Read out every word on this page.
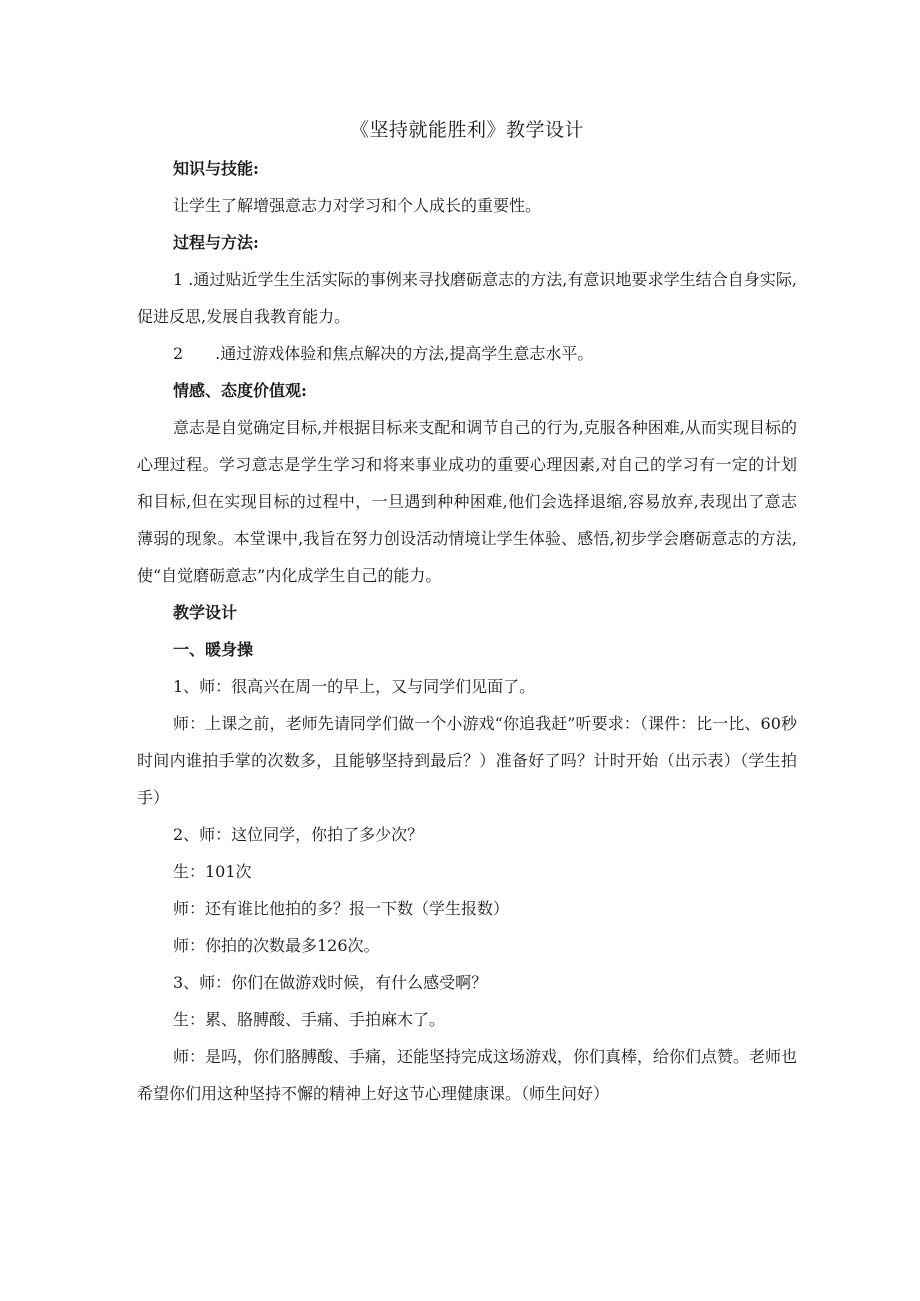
《坚持就能胜利》教学设计

知识与技能:

让学生了解增强意志力对学习和个人成长的重要性。

过程与方法:

1 .通过贴近学生生活实际的事例来寻找磨砺意志的方法,有意识地要求学生结合自身实际,促进反思,发展自我教育能力。

2　　.通过游戏体验和焦点解决的方法,提高学生意志水平。

情感、态度价值观:

意志是自觉确定目标,并根据目标来支配和调节自己的行为,克服各种困难,从而实现目标的心理过程。学习意志是学生学习和将来事业成功的重要心理因素,对自己的学习有一定的计划和目标,但在实现目标的过程中，一旦遇到种种困难,他们会选择退缩,容易放弃,表现出了意志薄弱的现象。本堂课中,我旨在努力创设活动情境让学生体验、感悟,初步学会磨砺意志的方法,使“自觉磨砺意志”内化成学生自己的能力。

教学设计

一、暖身操

1、师：很高兴在周一的早上，又与同学们见面了。

师：上课之前，老师先请同学们做一个小游戏“你追我赶”听要求：（课件：比一比、60秒时间内谁拍手掌的次数多，且能够坚持到最后？）准备好了吗？计时开始（出示表）（学生拍手）

2、师：这位同学，你拍了多少次？

生：101次

师：还有谁比他拍的多？报一下数（学生报数）

师：你拍的次数最多126次。

3、师：你们在做游戏时候，有什么感受啊？

生：累、胳膊酸、手痛、手拍麻木了。

师：是吗，你们胳膊酸、手痛，还能坚持完成这场游戏，你们真棒，给你们点赞。老师也希望你们用这种坚持不懈的精神上好这节心理健康课。（师生问好）
